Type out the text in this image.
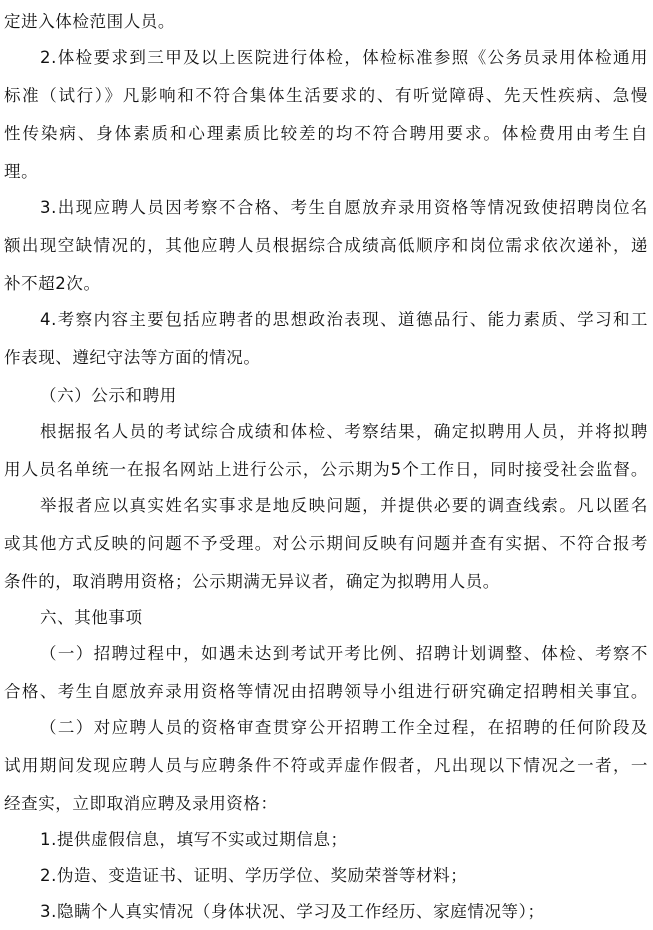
定进入体检范围人员。
2.体检要求到三甲及以上医院进行体检，体检标准参照《公务员录用体检通用
标准（试行）》凡影响和不符合集体生活要求的、有听觉障碍、先天性疾病、急慢
性传染病、身体素质和心理素质比较差的均不符合聘用要求。体检费用由考生自
理。
3.出现应聘人员因考察不合格、考生自愿放弃录用资格等情况致使招聘岗位名
额出现空缺情况的，其他应聘人员根据综合成绩高低顺序和岗位需求依次递补，递
补不超2次。
4.考察内容主要包括应聘者的思想政治表现、道德品行、能力素质、学习和工
作表现、遵纪守法等方面的情况。
（六）公示和聘用
根据报名人员的考试综合成绩和体检、考察结果，确定拟聘用人员，并将拟聘
用人员名单统一在报名网站上进行公示，公示期为5个工作日，同时接受社会监督。
举报者应以真实姓名实事求是地反映问题，并提供必要的调查线索。凡以匿名
或其他方式反映的问题不予受理。对公示期间反映有问题并查有实据、不符合报考
条件的，取消聘用资格；公示期满无异议者，确定为拟聘用人员。
六、其他事项
（一）招聘过程中，如遇未达到考试开考比例、招聘计划调整、体检、考察不
合格、考生自愿放弃录用资格等情况由招聘领导小组进行研究确定招聘相关事宜。
（二）对应聘人员的资格审查贯穿公开招聘工作全过程，在招聘的任何阶段及
试用期间发现应聘人员与应聘条件不符或弄虚作假者，凡出现以下情况之一者，一
经查实，立即取消应聘及录用资格：
1.提供虚假信息，填写不实或过期信息；
2.伪造、变造证书、证明、学历学位、奖励荣誉等材料；
3.隐瞒个人真实情况（身体状况、学习及工作经历、家庭情况等）；
